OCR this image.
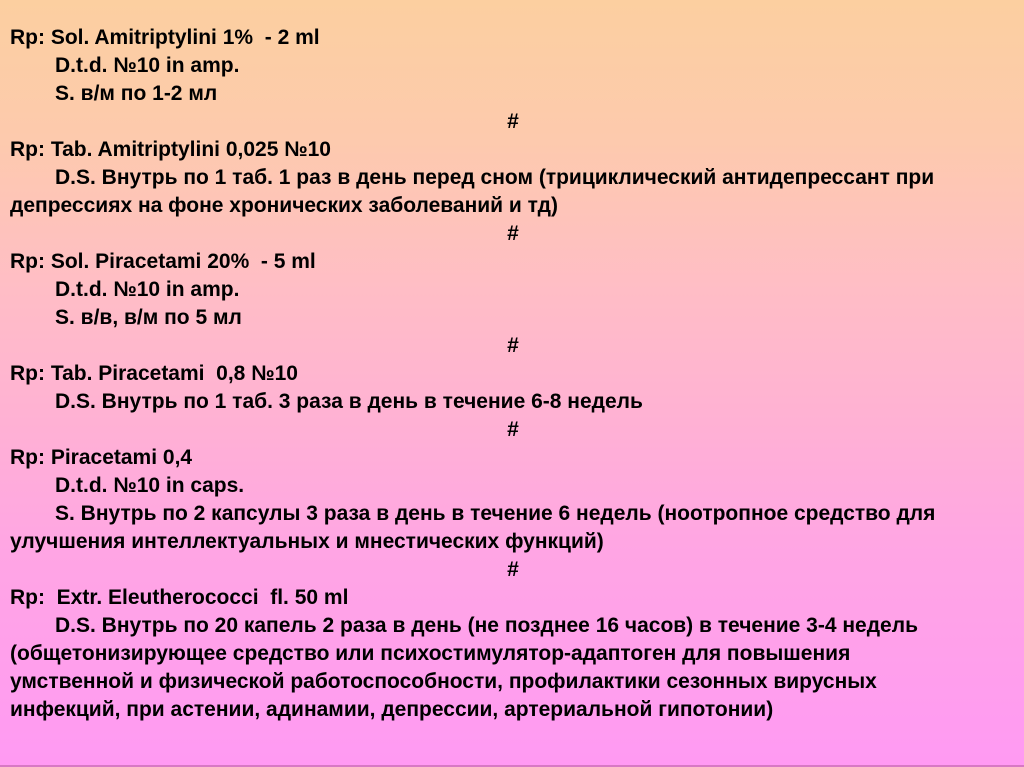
Rp: Sol. Amitriptylini 1%  - 2 ml
D.t.d. №10 in amp.
S. в/м по 1-2 мл
#
Rp: Tab. Amitriptylini 0,025 №10
D.S. Внутрь по 1 таб. 1 раз в день перед сном (трициклический антидепрессант при
депрессиях на фоне хронических заболеваний и тд)
#
Rp: Sol. Piracetami 20%  - 5 ml
D.t.d. №10 in amp.
S. в/в, в/м по 5 мл
#
Rp: Tab. Piracetami  0,8 №10
D.S. Внутрь по 1 таб. 3 раза в день в течение 6-8 недель
#
Rp: Piracetami 0,4
D.t.d. №10 in caps.
S. Внутрь по 2 капсулы 3 раза в день в течение 6 недель (ноотропное средство для
улучшения интеллектуальных и мнестических функций)
#
Rp:  Extr. Eleutherococci  fl. 50 ml
D.S. Внутрь по 20 капель 2 раза в день (не позднее 16 часов) в течение 3-4 недель
(общетонизирующее средство или психостимулятор-адаптоген для повышения
умственной и физической работоспособности, профилактики сезонных вирусных
инфекций, при астении, адинамии, депрессии, артериальной гипотонии)
